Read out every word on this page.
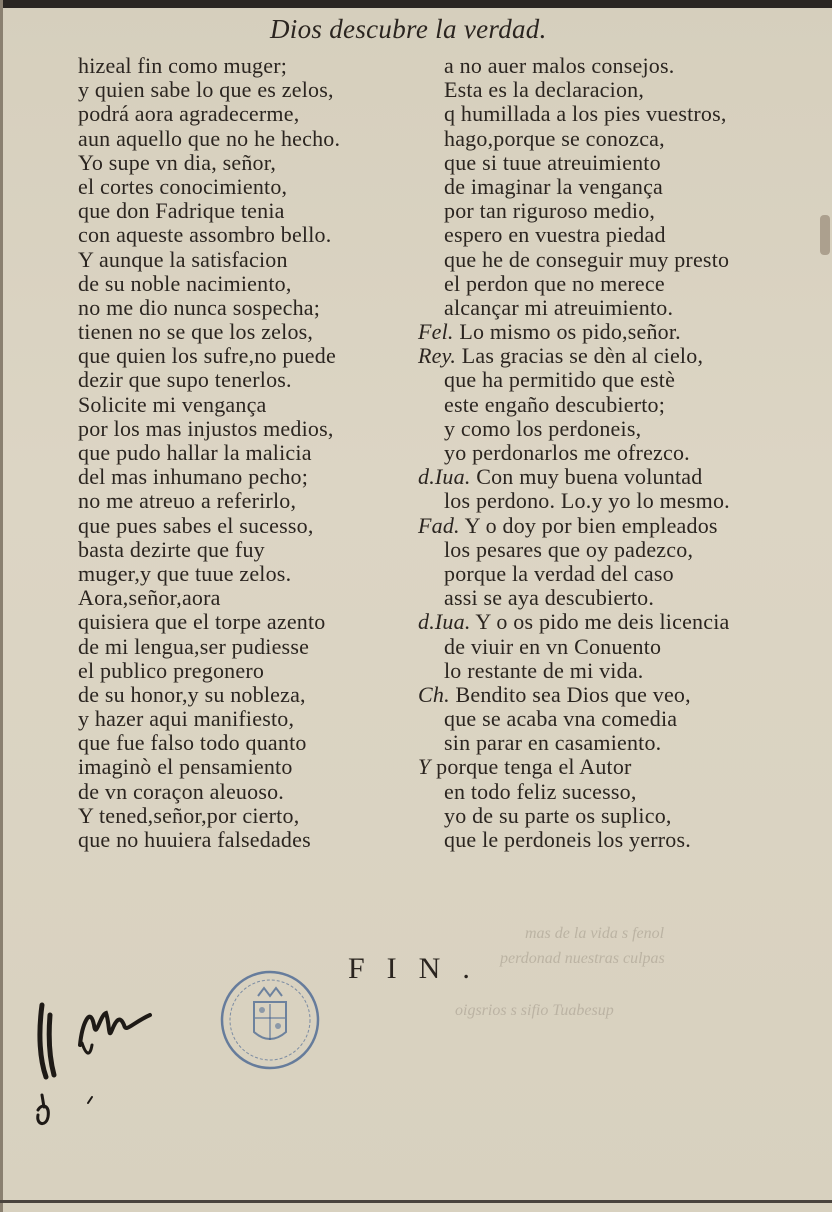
Dios descubre la verdad.
hizeal fin como muger;
y quien sabe lo que es zelos,
podrá aora agradecerme,
aun aquello que no he hecho.
Yo supe vn dia, señor,
el cortes conocimiento,
que don Fadrique tenia
con aqueste assombro bello.
Y aunque la satisfacion
de su noble nacimiento,
no me dio nunca sospecha;
tienen no se que los zelos,
que quien los sufre,no puede
dezir que supo tenerlos.
Solicite mi vengança
por los mas injustos medios,
que pudo hallar la malicia
del mas inhumano pecho;
no me atreuo a referirlo,
que pues sabes el sucesso,
basta dezirte que fuy
muger,y que tuue zelos.
Aora,señor,aora
quisiera que el torpe azento
de mi lengua,ser pudiesse
el publico pregonero
de su honor,y su nobleza,
y hazer aqui manifiesto,
que fue falso todo quanto
imaginò el pensamiento
de vn coraçon aleuoso.
Y tened,señor,por cierto,
que no huuiera falsedades
a no auer malos consejos.
Esta es la declaracion,
q humillada a los pies vuestros,
hago,porque se conozca,
que si tuue atreuimiento
de imaginar la vengança
por tan riguroso medio,
espero en vuestra piedad
que he de conseguir muy presto
el perdon que no merece
alcançar mi atreuimiento.
Fel. Lo mismo os pido,señor.
Rey. Las gracias se dèn al cielo,
que ha permitido que estè
este engaño descubierto;
y como los perdoneis,
yo perdonarlos me ofrezco.
d.Iua. Con muy buena voluntad
los perdono. Lo.y yo lo mesmo.
Fad. Y o doy por bien empleados
los pesares que oy padezco,
porque la verdad del caso
assi se aya descubierto.
d.Iua. Y o os pido me deis licencia
de viuir en vn Conuento
lo restante de mi vida.
Ch. Bendito sea Dios que veo,
que se acaba vna comedia
sin parar en casamiento.
Y porque tenga el Autor
en todo feliz sucesso,
yo de su parte os suplico,
que le perdoneis los yerros.
mas de la vida s fenol
perdonad nuestras culpas
oigsrios s sifio Tuabesup
FIN.
